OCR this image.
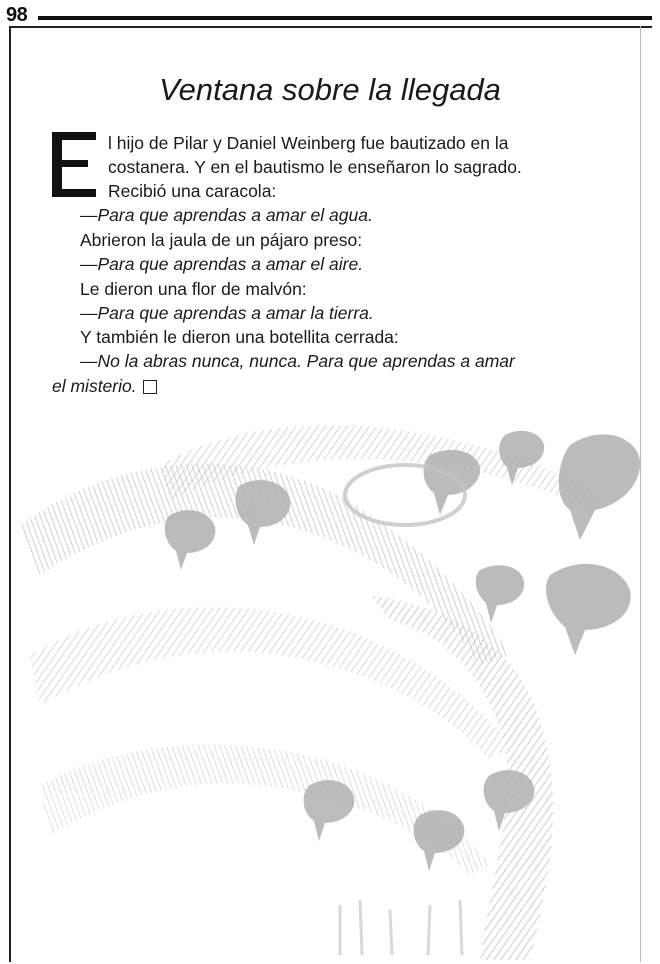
98
Ventana sobre la llegada
l hijo de Pilar y Daniel Weinberg fue bautizado en la
costanera. Y en el bautismo le enseñaron lo sagrado.
Recibió una caracola:
—Para que aprendas a amar el agua.
Abrieron la jaula de un pájaro preso:
—Para que aprendas a amar el aire.
Le dieron una flor de malvón:
—Para que aprendas a amar la tierra.
Y también le dieron una botellita cerrada:
—No la abras nunca, nunca. Para que aprendas a amar
el misterio.
